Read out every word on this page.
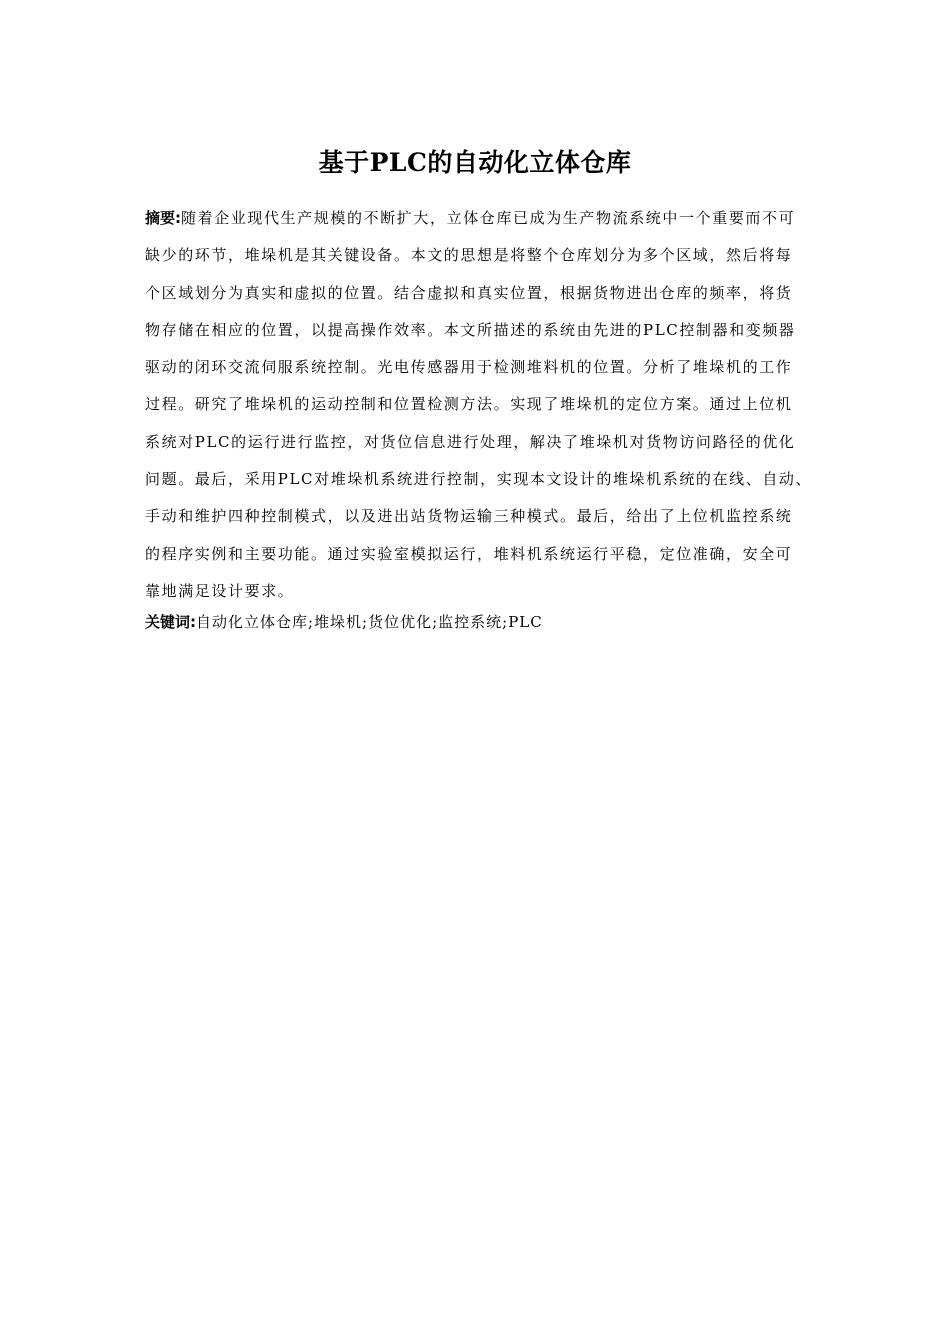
基于PLC的自动化立体仓库
摘要:随着企业现代生产规模的不断扩大，立体仓库已成为生产物流系统中一个重要而不可
缺少的环节，堆垛机是其关键设备。本文的思想是将整个仓库划分为多个区域，然后将每
个区域划分为真实和虚拟的位置。结合虚拟和真实位置，根据货物进出仓库的频率，将货
物存储在相应的位置，以提高操作效率。本文所描述的系统由先进的PLC控制器和变频器
驱动的闭环交流伺服系统控制。光电传感器用于检测堆料机的位置。分析了堆垛机的工作
过程。研究了堆垛机的运动控制和位置检测方法。实现了堆垛机的定位方案。通过上位机
系统对PLC的运行进行监控，对货位信息进行处理，解决了堆垛机对货物访问路径的优化
问题。最后，采用PLC对堆垛机系统进行控制，实现本文设计的堆垛机系统的在线、自动、
手动和维护四种控制模式，以及进出站货物运输三种模式。最后，给出了上位机监控系统
的程序实例和主要功能。通过实验室模拟运行，堆料机系统运行平稳，定位准确，安全可
靠地满足设计要求。

关键词:自动化立体仓库;堆垛机;货位优化;监控系统;PLC
